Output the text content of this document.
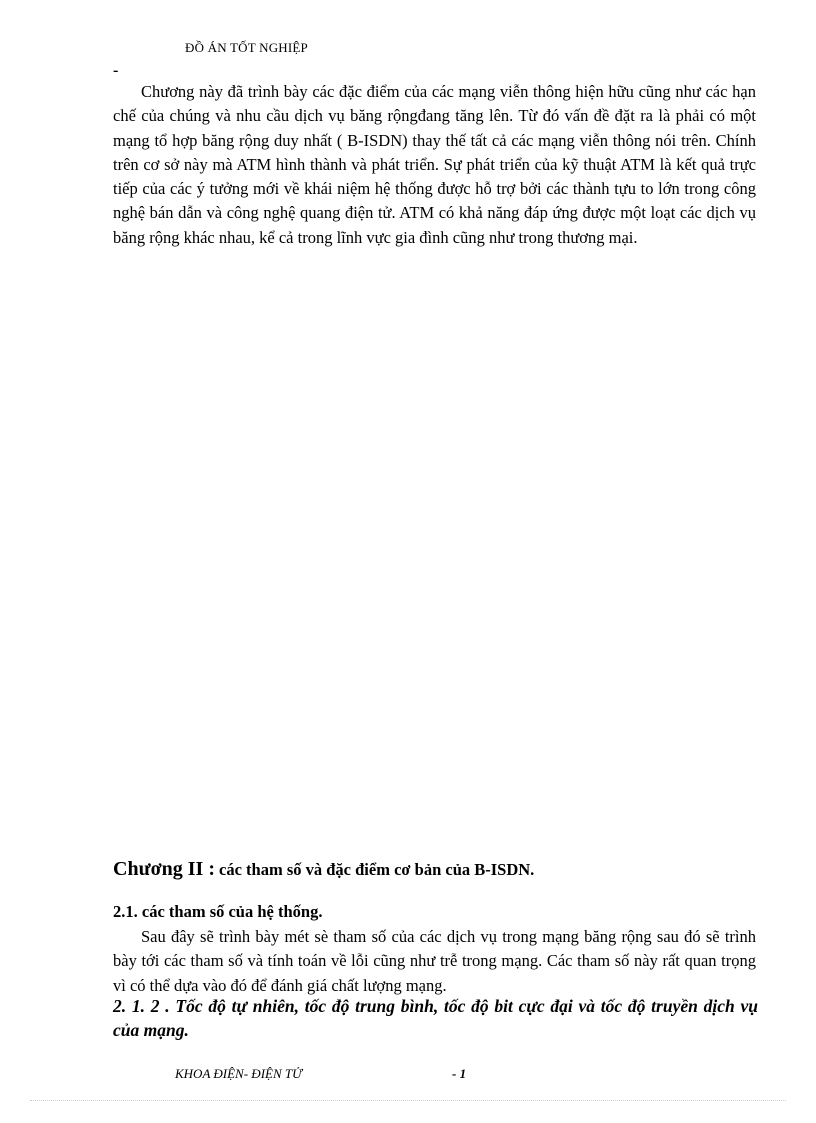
ĐỒ ÁN TỐT NGHIỆP
-

Chương này đã trình bày các đặc điểm của các mạng viễn thông hiện hữu cũng như các hạn chế của chúng và nhu cầu dịch vụ băng rộngđang tăng lên. Từ đó vấn đề đặt ra là phải có một mạng tổ hợp băng rộng duy nhất ( B-ISDN) thay thế tất cả các mạng viễn thông nói trên. Chính trên cơ sở này mà ATM hình thành và phát triển. Sự phát triển của kỹ thuật ATM là kết quả trực tiếp của các ý tưởng mới về khái niệm hệ thống được hỗ trợ bởi các thành tựu to lớn trong công nghệ bán dẫn và công nghệ quang điện tử. ATM có khả năng đáp ứng được một loạt các dịch vụ băng rộng khác nhau, kể cả trong lĩnh vực gia đình cũng như trong thương mại.

Chương II : các tham số và đặc điểm cơ bản của B-ISDN.

2.1. các tham số của hệ thống.

Sau đây sẽ trình bày mét sè tham số của các dịch vụ trong mạng băng rộng sau đó sẽ trình bày tới các tham số và tính toán về lỗi cũng như trễ trong mạng. Các tham số này rất quan trọng vì có thể dựa vào đó để đánh giá chất lượng mạng.

2. 1. 2 . Tốc độ tự nhiên, tốc độ trung bình, tốc độ bit cực đại và tốc độ truyền dịch vụ của mạng.

KHOA ĐIỆN- ĐIỆN TỬ	- 1
